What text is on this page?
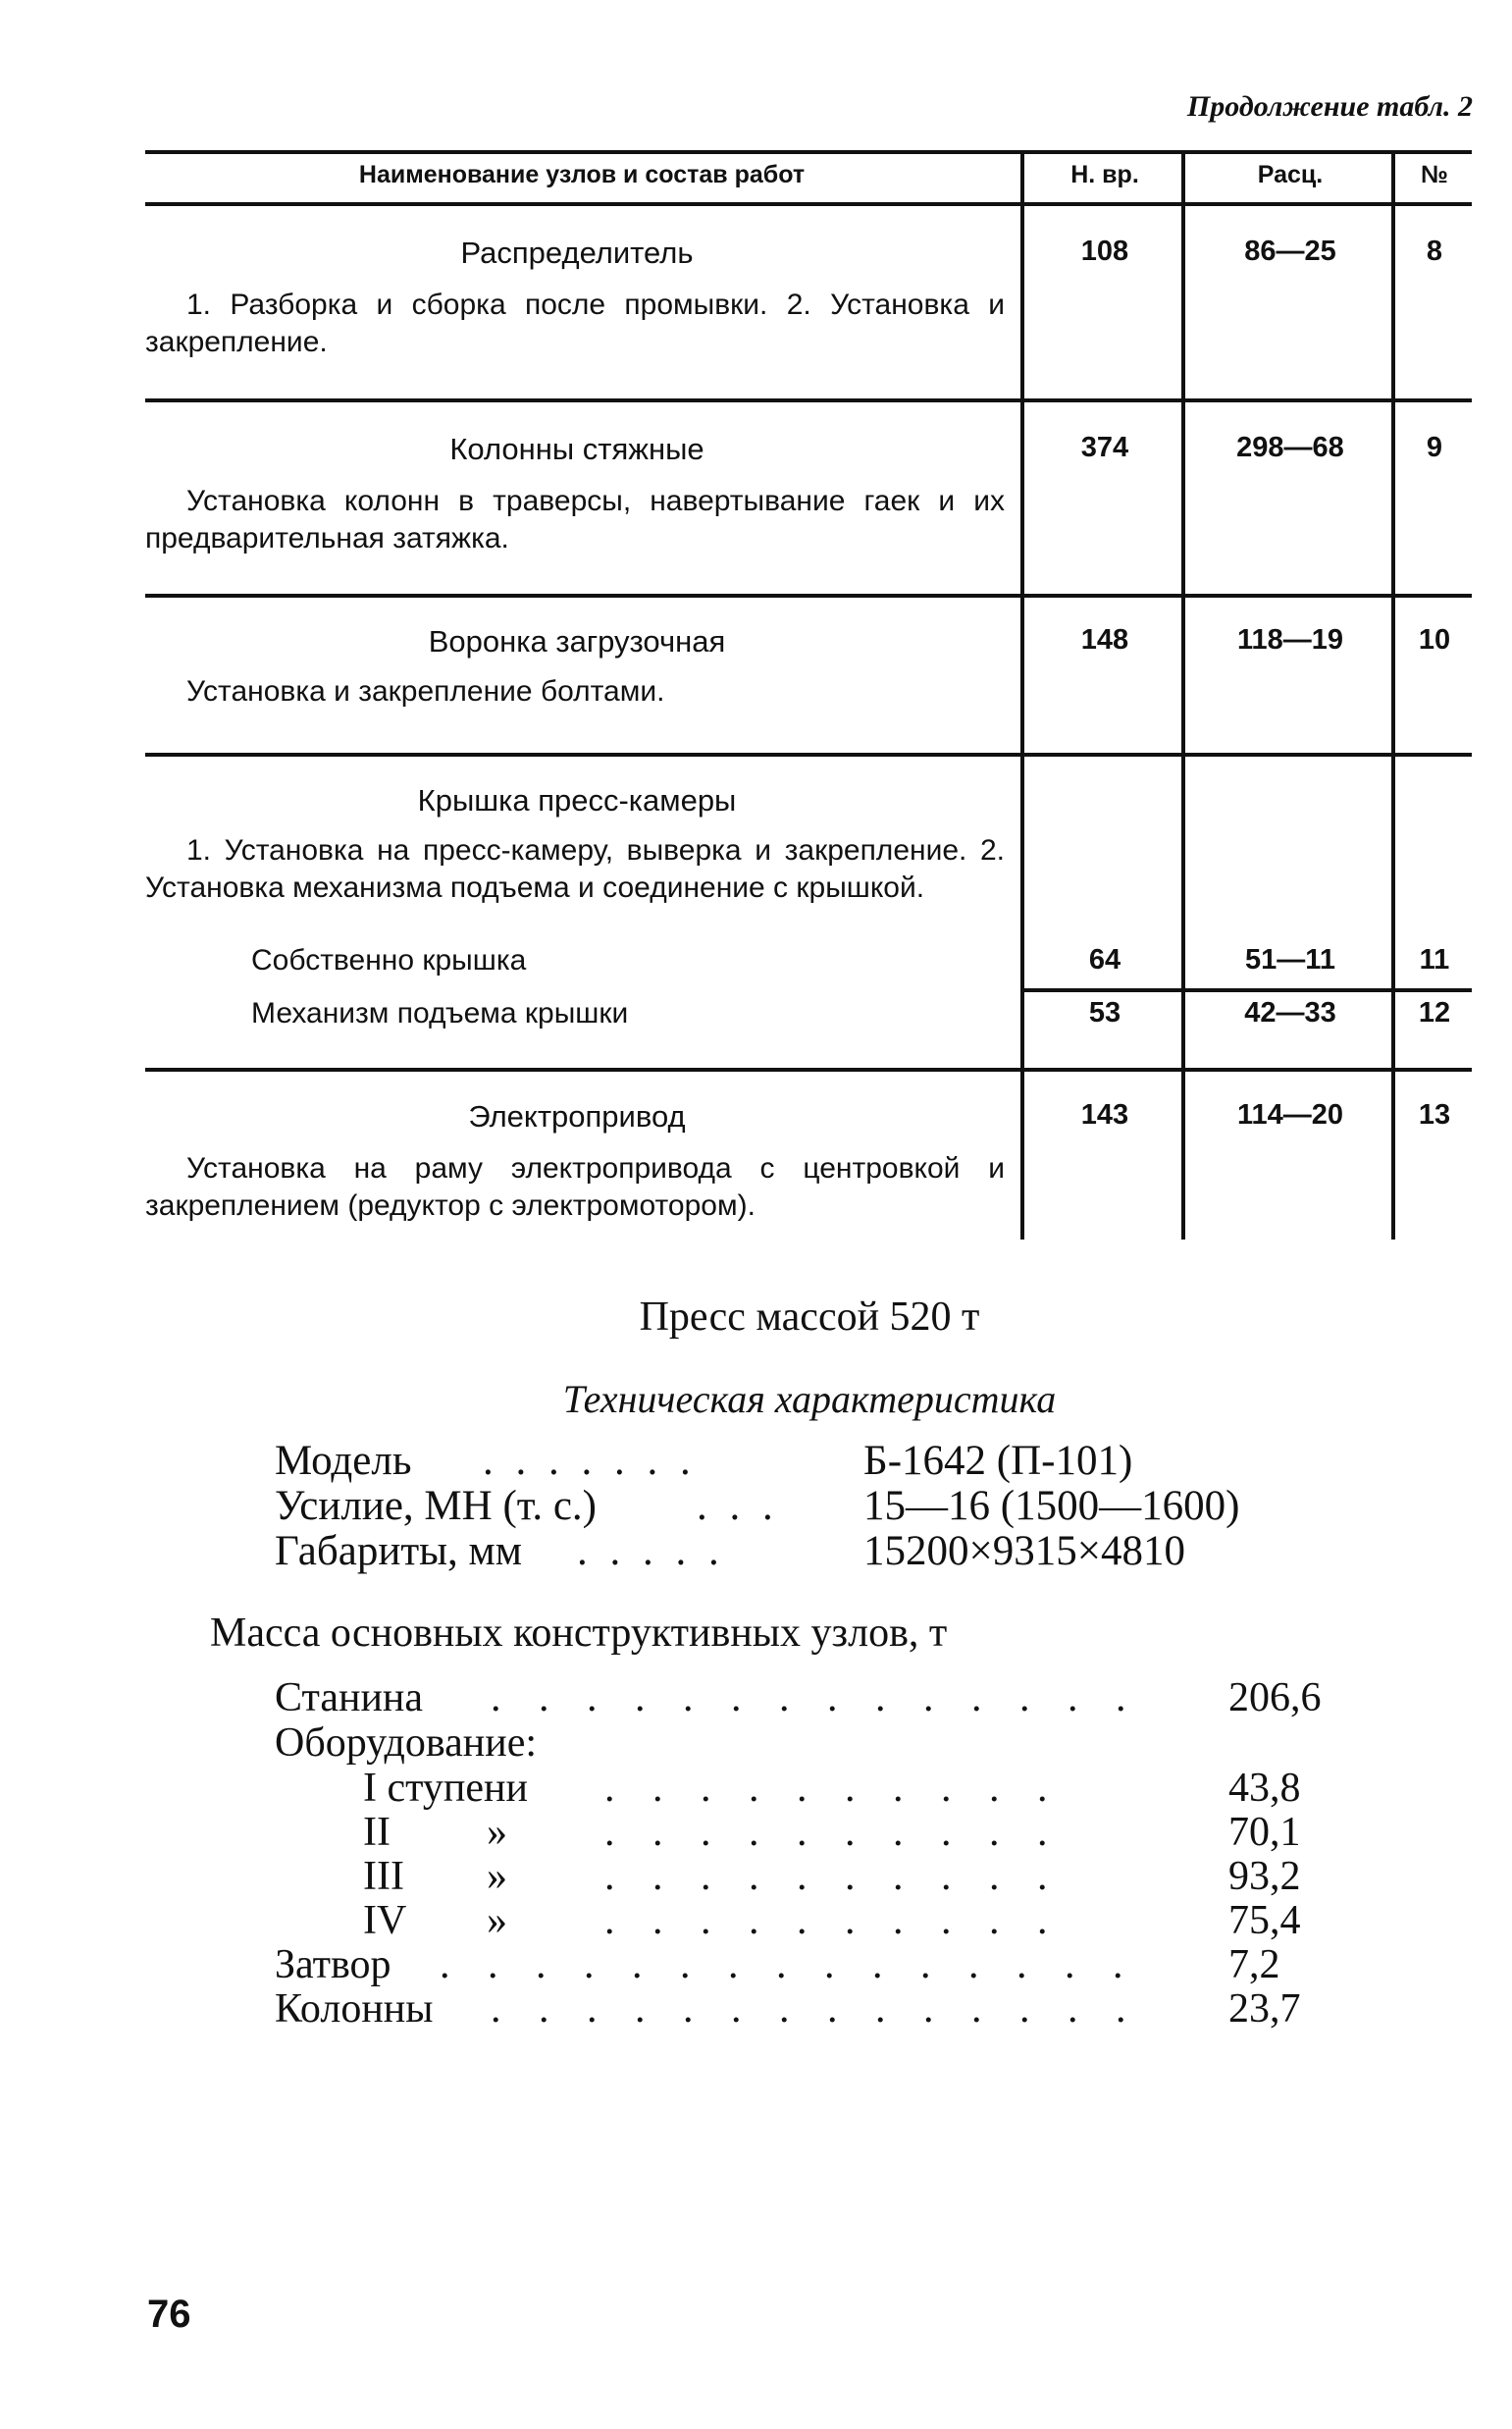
Продолжение табл. 2
Наименование узлов и состав работ	Н. вр.	Расц.	№
Распределитель
1. Разборка и сборка после промывки. 2. Установка и закрепление.
108	86—25	8
Колонны стяжные
Установка колонн в траверсы, навертывание гаек и их предварительная затяжка.
374	298—68	9
Воронка загрузочная
Установка и закрепление болтами.
148	118—19	10
Крышка пресс-камеры
1. Установка на пресс-камеру, выверка и закрепление. 2. Установка механизма подъема и соединение с крышкой.
Собственно крышка	64	51—11	11
Механизм подъема крышки	53	42—33	12
Электропривод
Установка на раму электропривода с центровкой и закреплением (редуктор с электромотором).
143	114—20	13
Пресс массой 520 т
Техническая характеристика
Модель . . . . . . .	Б-1642 (П-101)
Усилие, МН (т. с.) . . . 15—16 (1500—1600)
Габариты, мм . . . . .	15200×9315×4810
Масса основных конструктивных узлов, т
Станина . . . . . . . . . . . . . . 206,6
Оборудование:
I ступени . . . . . . . . . .	43,8
II » . . . . . . . . . .	70,1
III » . . . . . . . . . .	93,2
IV » . . . . . . . . . .	75,4
Затвор . . . . . . . . . . . . . . . 7,2
Колонны . . . . . . . . . . . . . . 23,7
76
